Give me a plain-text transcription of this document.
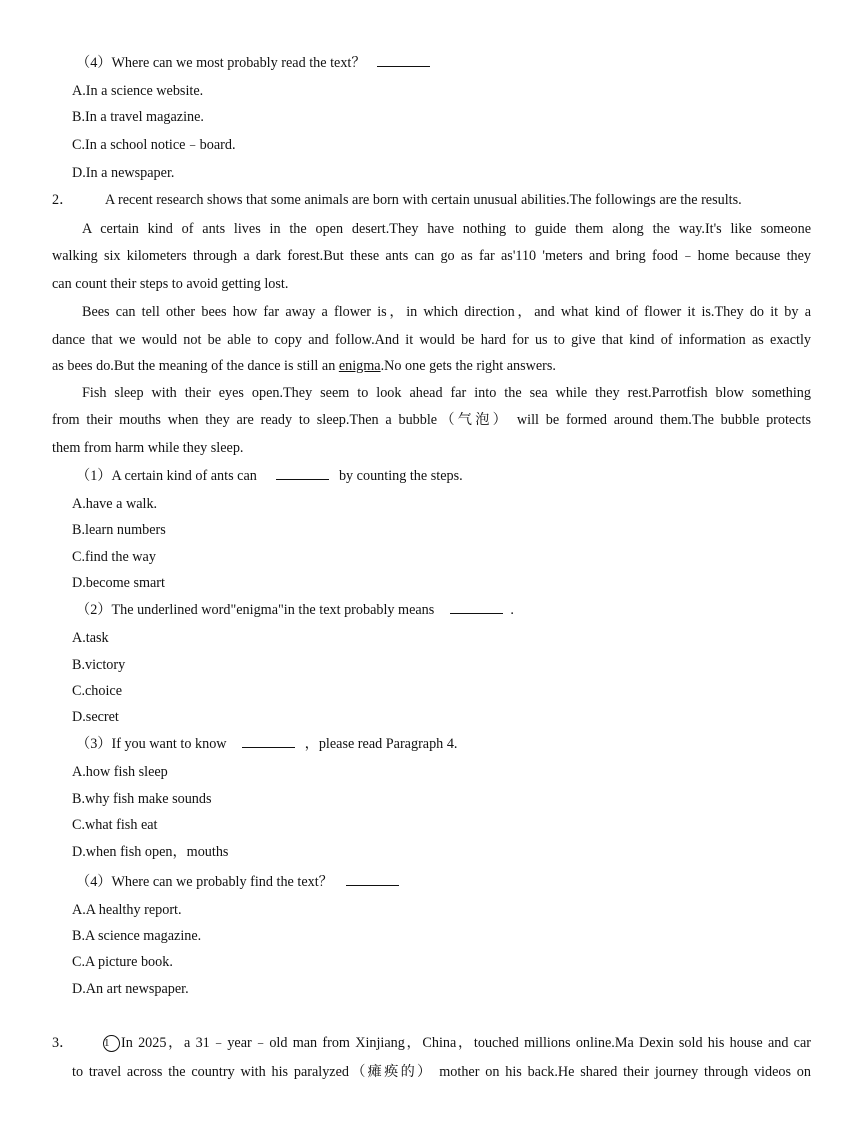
（4）Where can we most probably read the text？
A.In a science website.
B.In a travel magazine.
C.In a school notice﹣board.
D.In a newspaper.
2． A recent research shows that some animals are born with certain unusual abilities.The followings are the results.
A certain kind of ants lives in the open desert.They have nothing to guide them along the way.It's like someone
walking six kilometers through a dark forest.But these ants can go as far as'110 'meters and bring food﹣home because they
can count their steps to avoid getting lost.
Bees can tell other bees how far away a flower is，in which direction，and what kind of flower it is.They do it by a
dance that we would not be able to copy and follow.And it would be hard for us to give that kind of information as exactly
as bees do.But the meaning of the dance is still an enigma.No one gets the right answers.
Fish sleep with their eyes open.They seem to look ahead far into the sea while they rest.Parrotfish blow something
from their mouths when they are ready to sleep.Then a bubble（气泡） will be formed around them.The bubble protects
them from harm while they sleep.
（1）A certain kind of ants can	by counting the steps.
A.have a walk.
B.learn numbers
C.find the way
D.become smart
（2）The underlined word"enigma"in the text probably means	.
A.task
B.victory
C.choice
D.secret
（3）If you want to know	，please read Paragraph 4.
A.how fish sleep
B.why fish make sounds
C.what fish eat
D.when fish open，mouths
（4）Where can we probably find the text？
A.A healthy report.
B.A science magazine.
C.A picture book.
D.An art newspaper.
3．	1 In 2025，a 31﹣year﹣old man from Xinjiang，China，touched millions online.Ma Dexin sold his house and car
to travel across the country with his paralyzed（瘫痪的） mother on his back.He shared their journey through videos on
